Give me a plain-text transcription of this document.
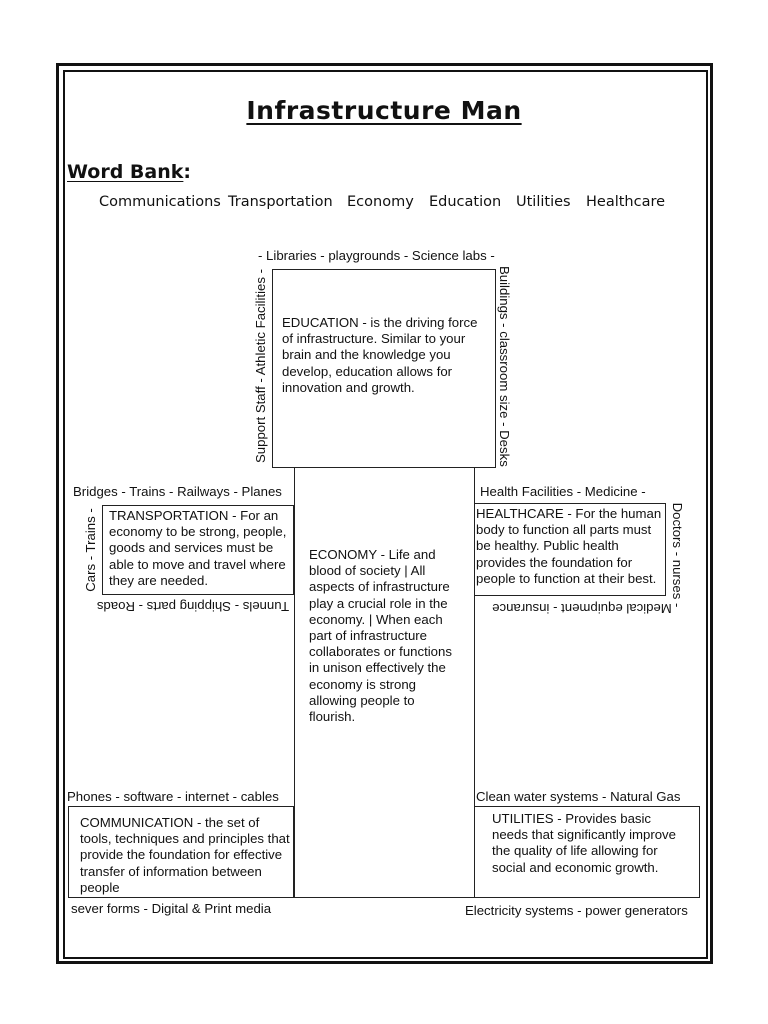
Infrastructure Man
Word Bank:
Communications Transportation Economy Education Utilities Healthcare
ECONOMY - Life and blood of society | All aspects of infrastructure play a crucial role in the economy. | When each part of infrastructure collaborates or functions in unison effectively the economy is strong allowing people to flourish.
EDUCATION - is the driving force of infrastructure. Similar to your brain and the knowledge you develop, education allows for innovation and growth.
- Libraries - playgrounds - Science labs -
Buildings - classroom size - Desks
Support Staff - Athletic Facilities -
TRANSPORTATION - For an economy to be strong, people, goods and services must be able to move and travel where they are needed.
Bridges - Trains - Railways - Planes
Cars - Trains -
Tunnels - Shipping parts - Roads
HEALTHCARE - For the human body to function all parts must be healthy. Public health provides the foundation for people to function at their best.
Health Facilities - Medicine -
Doctors - nurses -
Medical equipment - insurance
COMMUNICATION - the set of tools, techniques and principles that provide the foundation for effective transfer of information between people
Phones - software - internet - cables
sever forms - Digital & Print media
UTILITIES - Provides basic needs that significantly improve the quality of life allowing for social and economic growth.
Clean water systems - Natural Gas
Electricity systems - power generators
